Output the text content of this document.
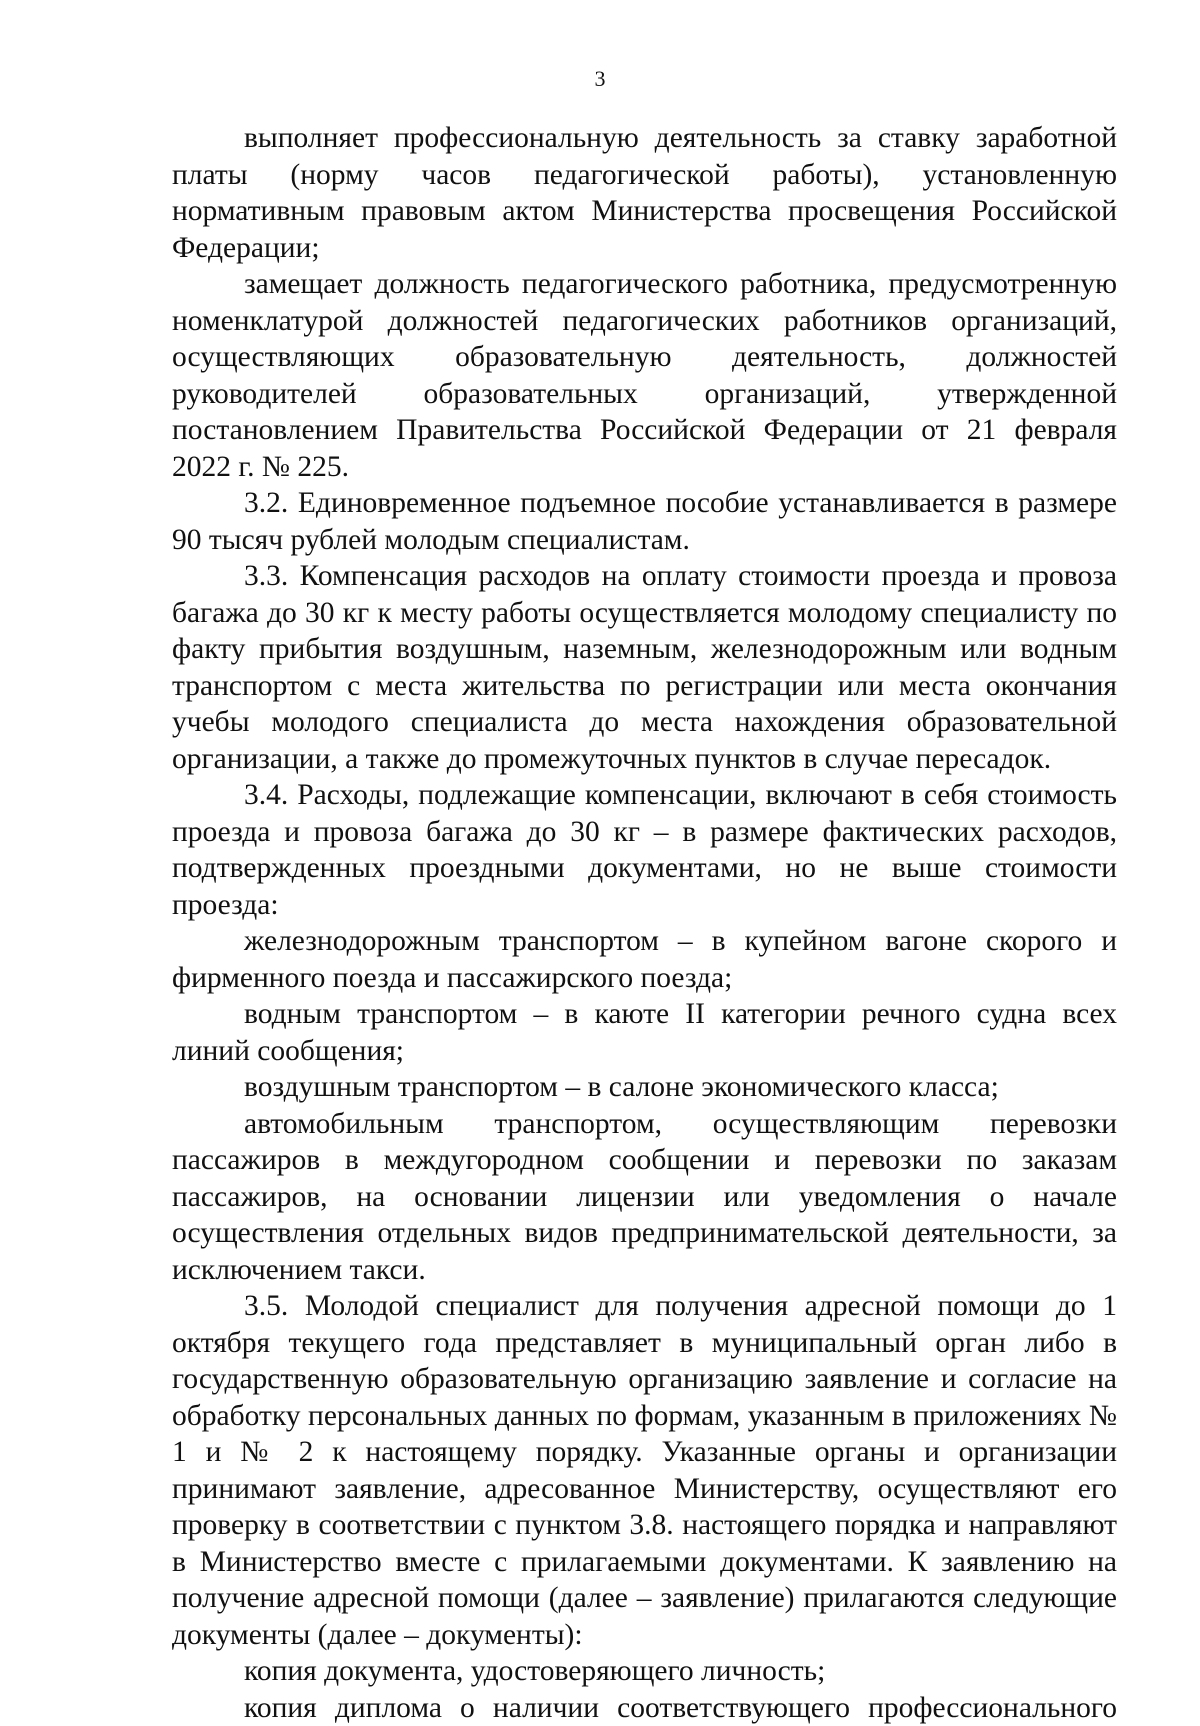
3

выполняет профессиональную деятельность за ставку заработной платы (норму часов педагогической работы), установленную нормативным правовым актом Министерства просвещения Российской Федерации;

замещает должность педагогического работника, предусмотренную номенклатурой должностей педагогических работников организаций, осуществляющих образовательную деятельность, должностей руководителей образовательных организаций, утвержденной постановлением Правительства Российской Федерации от 21 февраля 2022 г. № 225.

3.2. Единовременное подъемное пособие устанавливается в размере 90 тысяч рублей молодым специалистам.

3.3. Компенсация расходов на оплату стоимости проезда и провоза багажа до 30 кг к месту работы осуществляется молодому специалисту по факту прибытия воздушным, наземным, железнодорожным или водным транспортом с места жительства по регистрации или места окончания учебы молодого специалиста до места нахождения образовательной организации, а также до промежуточных пунктов в случае пересадок.

3.4. Расходы, подлежащие компенсации, включают в себя стоимость проезда и провоза багажа до 30 кг – в размере фактических расходов, подтвержденных проездными документами, но не выше стоимости проезда:

железнодорожным транспортом – в купейном вагоне скорого и фирменного поезда и пассажирского поезда;

водным транспортом – в каюте II категории речного судна всех линий сообщения;

воздушным транспортом – в салоне экономического класса;

автомобильным транспортом, осуществляющим перевозки пассажиров в междугородном сообщении и перевозки по заказам пассажиров, на основании лицензии или уведомления о начале осуществления отдельных видов предпринимательской деятельности, за исключением такси.

3.5. Молодой специалист для получения адресной помощи до 1 октября текущего года представляет в муниципальный орган либо в государственную образовательную организацию заявление и согласие на обработку персональных данных по формам, указанным в приложениях № 1 и № 2 к настоящему порядку. Указанные органы и организации принимают заявление, адресованное Министерству, осуществляют его проверку в соответствии с пунктом 3.8. настоящего порядка и направляют в Министерство вместе с прилагаемыми документами. К заявлению на получение адресной помощи (далее – заявление) прилагаются следующие документы (далее – документы):

копия документа, удостоверяющего личность;

копия диплома о наличии соответствующего профессионального
